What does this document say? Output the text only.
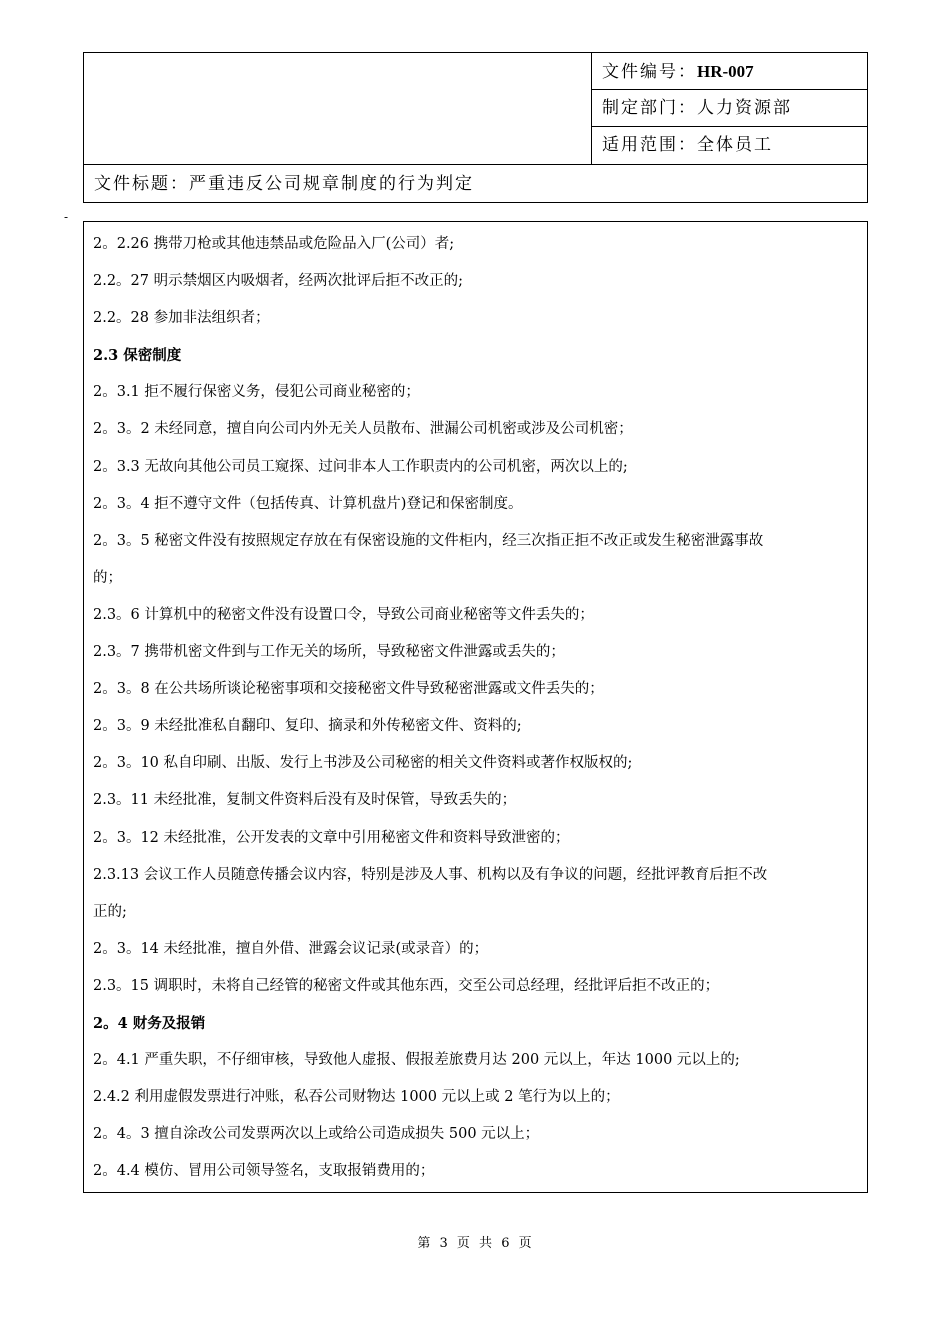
文件编号：HR-007
制定部门：人力资源部
适用范围：全体员工
文件标题：严重违反公司规章制度的行为判定
-
2。2.26 携带刀枪或其他违禁品或危险品入厂(公司）者;
2.2。27 明示禁烟区内吸烟者，经两次批评后拒不改正的;
2.2。28 参加非法组织者；
2.3 保密制度
2。3.1 拒不履行保密义务，侵犯公司商业秘密的；
2。3。2 未经同意，擅自向公司内外无关人员散布、泄漏公司机密或涉及公司机密；
2。3.3 无故向其他公司员工窥探、过问非本人工作职责内的公司机密，两次以上的;
2。3。4 拒不遵守文件（包括传真、计算机盘片)登记和保密制度。
2。3。5 秘密文件没有按照规定存放在有保密设施的文件柜内，经三次指正拒不改正或发生秘密泄露事故
的；
2.3。6 计算机中的秘密文件没有设置口令，导致公司商业秘密等文件丢失的；
2.3。7 携带机密文件到与工作无关的场所，导致秘密文件泄露或丢失的；
2。3。8 在公共场所谈论秘密事项和交接秘密文件导致秘密泄露或文件丢失的；
2。3。9 未经批准私自翻印、复印、摘录和外传秘密文件、资料的;
2。3。10 私自印刷、出版、发行上书涉及公司秘密的相关文件资料或著作权版权的;
2.3。11 未经批准，复制文件资料后没有及时保管，导致丢失的；
2。3。12 未经批准，公开发表的文章中引用秘密文件和资料导致泄密的；
2.3.13 会议工作人员随意传播会议内容，特别是涉及人事、机构以及有争议的问题，经批评教育后拒不改
正的;
2。3。14 未经批准，擅自外借、泄露会议记录(或录音）的；
2.3。15 调职时，未将自己经管的秘密文件或其他东西，交至公司总经理，经批评后拒不改正的；
2。4 财务及报销
2。4.1 严重失职，不仔细审核，导致他人虚报、假报差旅费月达 200 元以上，年达 1000 元以上的;
2.4.2 利用虚假发票进行冲账，私吞公司财物达 1000 元以上或 2 笔行为以上的；
2。4。3 擅自涂改公司发票两次以上或给公司造成损失 500 元以上；
2。4.4 模仿、冒用公司领导签名，支取报销费用的；
第 3 页 共 6 页
